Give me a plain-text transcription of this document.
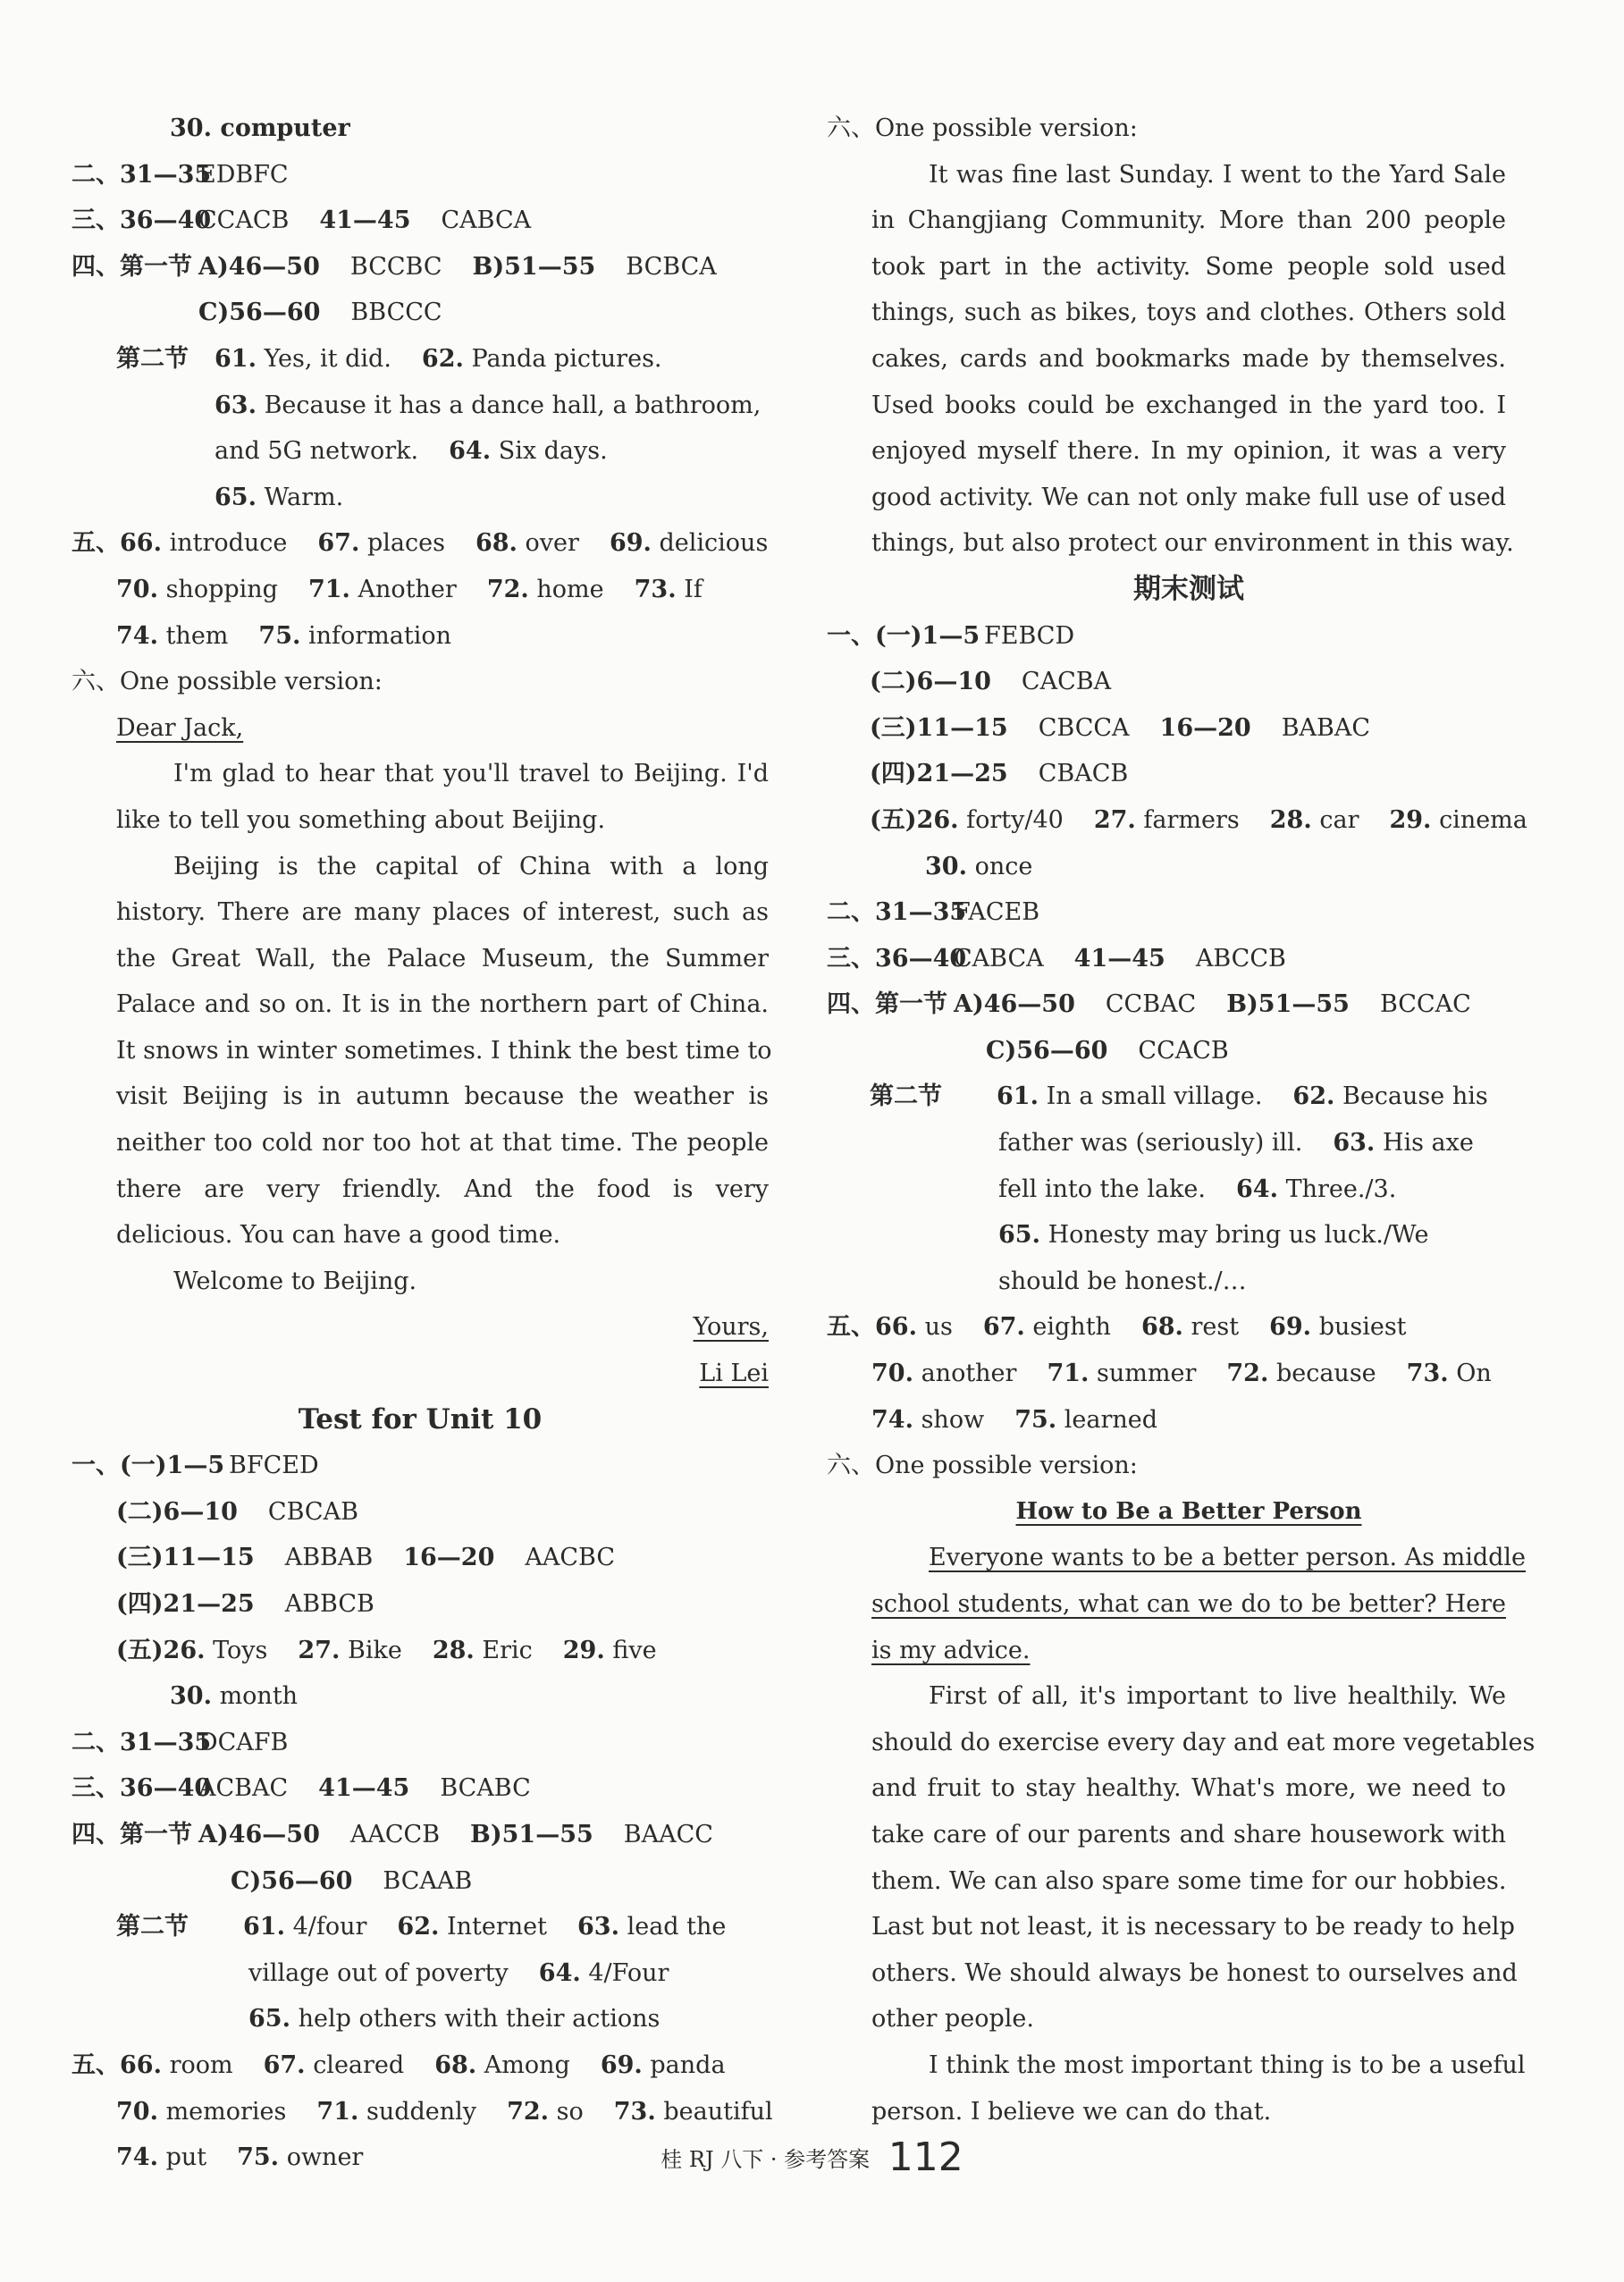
30. computer
二、31—35EDBFC
三、36—40CCACB 41—45 CABCA
四、第一节 A)46—50 BCCBC B)51—55 BCBCA
C)56—60 BBCCC
第二节 61. Yes, it did. 62. Panda pictures.
63. Because it has a dance hall, a bathroom,
and 5G network. 64. Six days.
65. Warm.
五、66. introduce 67. places 68. over 69. delicious
70. shopping 71. Another 72. home 73. If
74. them 75. information
六、One possible version:
Dear Jack,
I'm glad to hear that you'll travel to Beijing. I'd
like to tell you something about Beijing.
Beijing is the capital of China with a long
history. There are many places of interest, such as
the Great Wall, the Palace Museum, the Summer
Palace and so on. It is in the northern part of China.
It snows in winter sometimes. I think the best time to
visit Beijing is in autumn because the weather is
neither too cold nor too hot at that time. The people
there are very friendly. And the food is very
delicious. You can have a good time.
Welcome to Beijing.
Yours,
Li Lei
Test for Unit 10
一、(一)1—5 BFCED
(二)6—10 CBCAB
(三)11—15 ABBAB 16—20 AACBC
(四)21—25 ABBCB
(五)26. Toys 27. Bike 28. Eric 29. five
30. month
二、31—35DCAFB
三、36—40ACBAC 41—45 BCABC
四、第一节 A)46—50 AACCB B)51—55 BAACC
C)56—60 BCAAB
第二节 61. 4/four 62. Internet 63. lead the
village out of poverty 64. 4/Four
65. help others with their actions
五、66. room 67. cleared 68. Among 69. panda
70. memories 71. suddenly 72. so 73. beautiful
74. put 75. owner
六、One possible version:
It was fine last Sunday. I went to the Yard Sale
in Changjiang Community. More than 200 people
took part in the activity. Some people sold used
things, such as bikes, toys and clothes. Others sold
cakes, cards and bookmarks made by themselves.
Used books could be exchanged in the yard too. I
enjoyed myself there. In my opinion, it was a very
good activity. We can not only make full use of used
things, but also protect our environment in this way.
期末测试
一、(一)1—5 FEBCD
(二)6—10 CACBA
(三)11—15 CBCCA 16—20 BABAC
(四)21—25 CBACB
(五)26. forty/40 27. farmers 28. car 29. cinema
30. once
二、31—35FACEB
三、36—40CABCA 41—45 ABCCB
四、第一节 A)46—50 CCBAC B)51—55 BCCAC
C)56—60 CCACB
第二节 61. In a small village. 62. Because his
father was (seriously) ill. 63. His axe
fell into the lake. 64. Three./3.
65. Honesty may bring us luck./We
should be honest./…
五、66. us 67. eighth 68. rest 69. busiest
70. another 71. summer 72. because 73. On
74. show 75. learned
六、One possible version:
How to Be a Better Person
Everyone wants to be a better person. As middle
school students, what can we do to be better? Here
is my advice.
First of all, it's important to live healthily. We
should do exercise every day and eat more vegetables
and fruit to stay healthy. What's more, we need to
take care of our parents and share housework with
them. We can also spare some time for our hobbies.
Last but not least, it is necessary to be ready to help
others. We should always be honest to ourselves and
other people.
I think the most important thing is to be a useful
person. I believe we can do that.
桂 RJ 八下 · 参考答案 112
